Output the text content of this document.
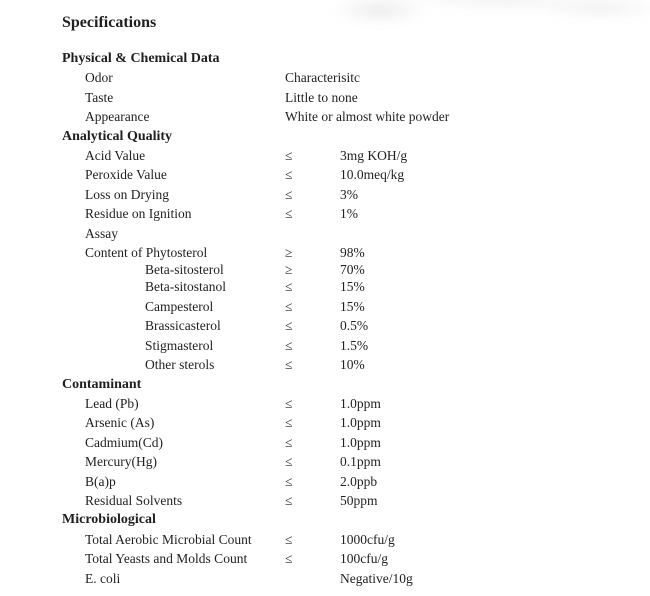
Specifications
Physical & Chemical Data
Odor	Characterisitc
Taste	Little to none
Appearance	White or almost white powder
Analytical Quality
Acid Value	≤	3mg KOH/g
Peroxide Value	≤	10.0meq/kg
Loss on Drying	≤	3%
Residue on Ignition	≤	1%
Assay
Content of Phytosterol	≥	98%
Beta-sitosterol	≥	70%
Beta-sitostanol	≤	15%
Campesterol	≤	15%
Brassicasterol	≤	0.5%
Stigmasterol	≤	1.5%
Other sterols	≤	10%
Contaminant
Lead (Pb)	≤	1.0ppm
Arsenic (As)	≤	1.0ppm
Cadmium(Cd)	≤	1.0ppm
Mercury(Hg)	≤	0.1ppm
B(a)p	≤	2.0ppb
Residual Solvents	≤	50ppm
Microbiological
Total Aerobic Microbial Count ≤	1000cfu/g
Total Yeasts and Molds Count	≤	100cfu/g
E. coli	Negative/10g
